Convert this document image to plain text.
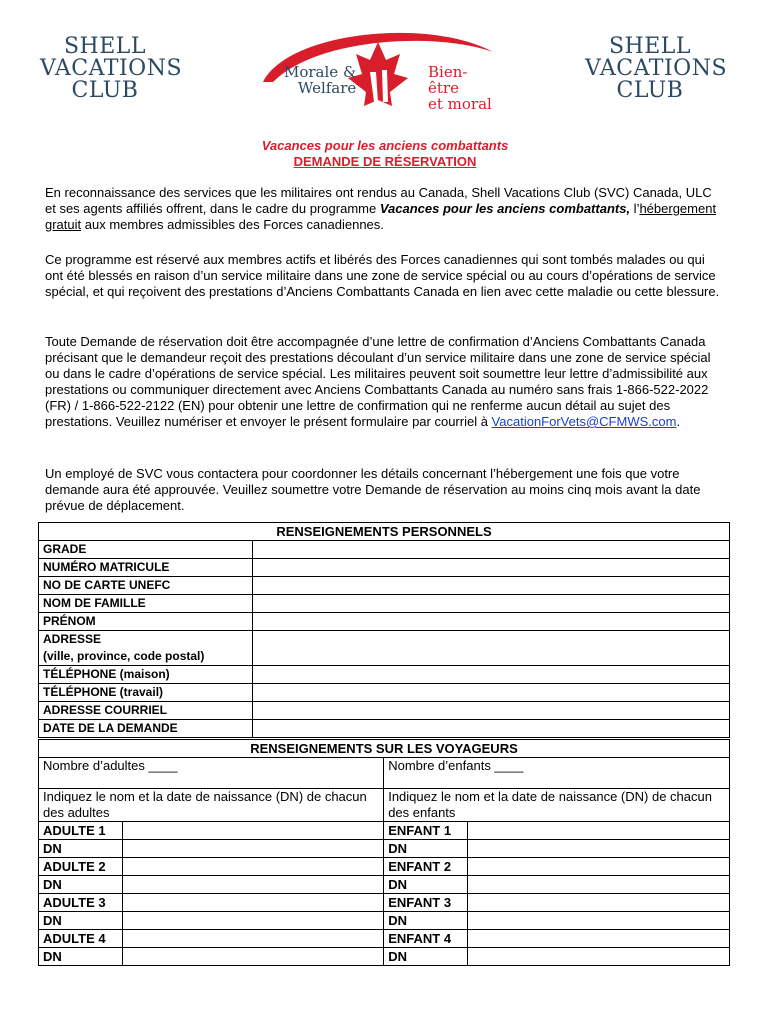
SHELL
VACATIONS
CLUB
Morale &
Welfare
Bien-être
et moral
SHELL
VACATIONS
CLUB
Vacances pour les anciens combattants
DEMANDE DE RÉSERVATION
En reconnaissance des services que les militaires ont rendus au Canada, Shell Vacations Club (SVC) Canada, ULC et ses agents affiliés offrent, dans le cadre du programme Vacances pour les anciens combattants, l’hébergement gratuit aux membres admissibles des Forces canadiennes.
Ce programme est réservé aux membres actifs et libérés des Forces canadiennes qui sont tombés malades ou qui ont été blessés en raison d’un service militaire dans une zone de service spécial ou au cours d’opérations de service spécial, et qui reçoivent des prestations d’Anciens Combattants Canada en lien avec cette maladie ou cette blessure.
Toute Demande de réservation doit être accompagnée d’une lettre de confirmation d’Anciens Combattants Canada précisant que le demandeur reçoit des prestations découlant d’un service militaire dans une zone de service spécial ou dans le cadre d’opérations de service spécial. Les militaires peuvent soit soumettre leur lettre d’admissibilité aux prestations ou communiquer directement avec Anciens Combattants Canada au numéro sans frais 1-866-522-2022 (FR) / 1-866-522-2122 (EN) pour obtenir une lettre de confirmation qui ne renferme aucun détail au sujet des prestations. Veuillez numériser et envoyer le présent formulaire par courriel à VacationForVets@CFMWS.com.
Un employé de SVC vous contactera pour coordonner les détails concernant l’hébergement une fois que votre demande aura été approuvée. Veuillez soumettre votre Demande de réservation au moins cinq mois avant la date prévue de déplacement.
RENSEIGNEMENTS PERSONNELS	
GRADE	
NUMÉRO MATRICULE	
NO DE CARTE UNEFC	
NOM DE FAMILLE	
PRÉNOM	

ADRESSE
(ville, province, code postal)	

TÉLÉPHONE (maison)	
TÉLÉPHONE (travail)	
ADRESSE COURRIEL	
DATE DE LA DEMANDE	
RENSEIGNEMENTS SUR LES VOYAGEURS			
Nombre d’adultes ____		Nombre d’enfants ____	
Indiquez le nom et la date de naissance (DN) de chacun des adultes		Indiquez le nom et la date de naissance (DN) de chacun des enfants	
ADULTE 1		ENFANT 1	
DN		DN	
ADULTE 2		ENFANT 2	
DN		DN	
ADULTE 3		ENFANT 3	
DN		DN	
ADULTE 4		ENFANT 4	
DN		DN	
